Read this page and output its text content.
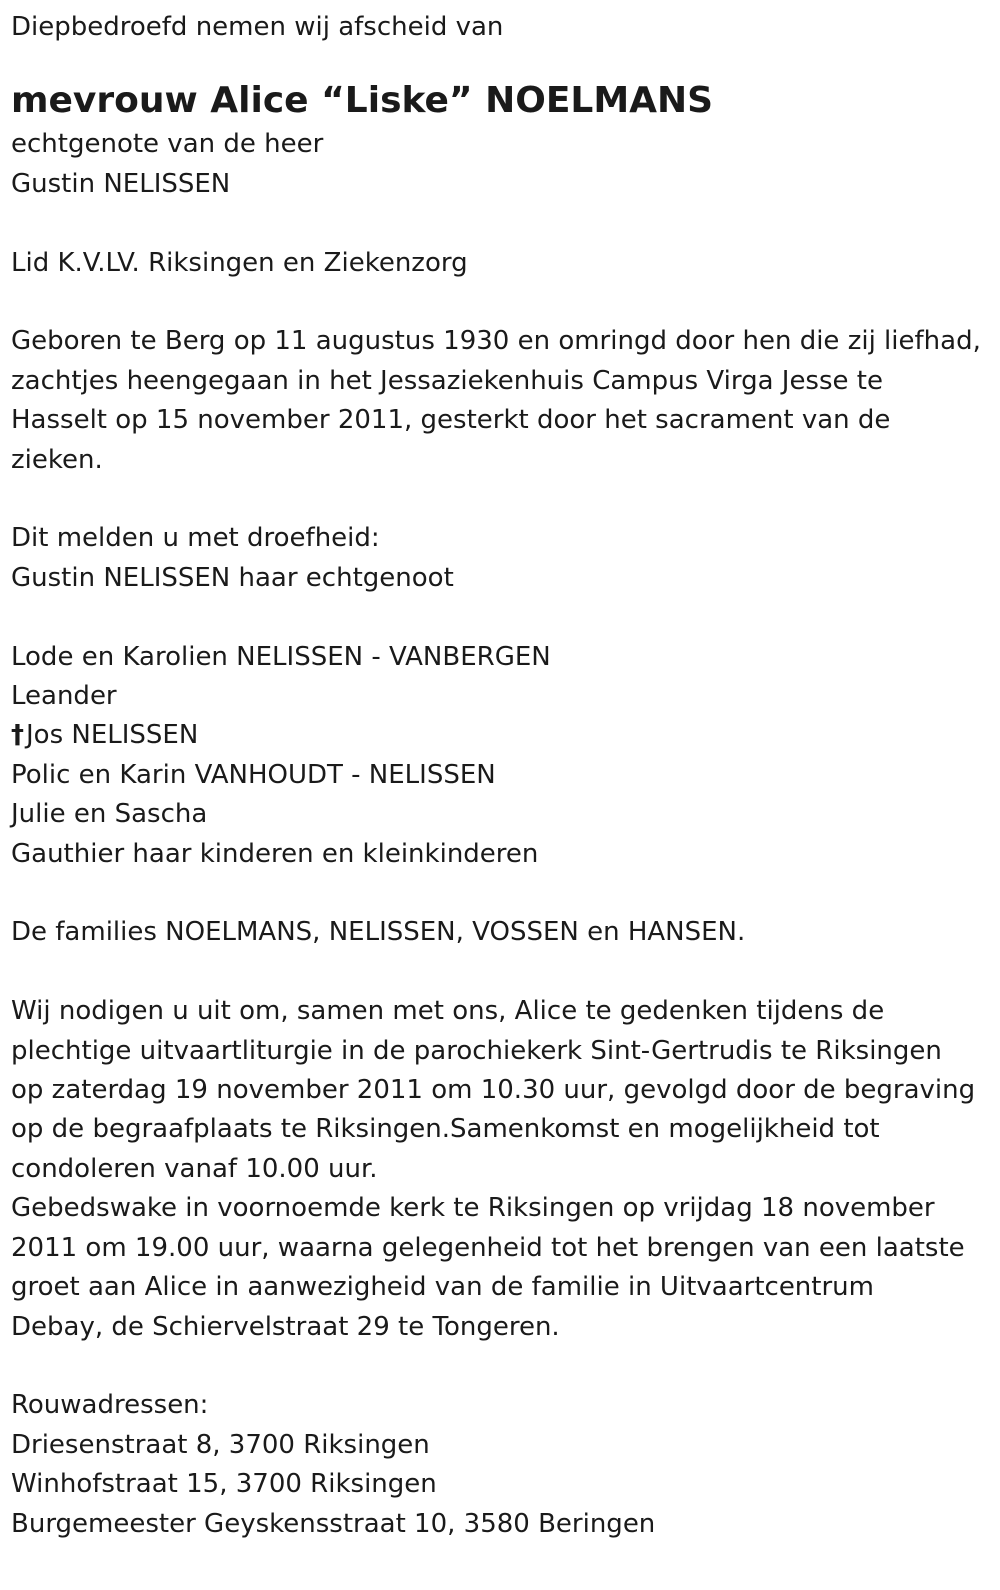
Diepbedroefd nemen wij afscheid van

mevrouw Alice “Liske” NOELMANS

echtgenote van de heer

Gustin NELISSEN

Lid K.V.LV. Riksingen en Ziekenzorg

Geboren te Berg op 11 augustus 1930 en omringd door hen die zij liefhad,

zachtjes heengegaan in het Jessaziekenhuis Campus Virga Jesse te

Hasselt op 15 november 2011, gesterkt door het sacrament van de

zieken.

Dit melden u met droefheid:

Gustin NELISSEN haar echtgenoot

Lode en Karolien NELISSEN - VANBERGEN

Leander

†Jos NELISSEN

Polic en Karin VANHOUDT - NELISSEN

Julie en Sascha

Gauthier haar kinderen en kleinkinderen

De families NOELMANS, NELISSEN, VOSSEN en HANSEN.

Wij nodigen u uit om, samen met ons, Alice te gedenken tijdens de

plechtige uitvaartliturgie in de parochiekerk Sint-Gertrudis te Riksingen

op zaterdag 19 november 2011 om 10.30 uur, gevolgd door de begraving

op de begraafplaats te Riksingen.Samenkomst en mogelijkheid tot

condoleren vanaf 10.00 uur.

Gebedswake in voornoemde kerk te Riksingen op vrijdag 18 november

2011 om 19.00 uur, waarna gelegenheid tot het brengen van een laatste

groet aan Alice in aanwezigheid van de familie in Uitvaartcentrum

Debay, de Schiervelstraat 29 te Tongeren.

Rouwadressen:

Driesenstraat 8, 3700 Riksingen

Winhofstraat 15, 3700 Riksingen

Burgemeester Geyskensstraat 10, 3580 Beringen
